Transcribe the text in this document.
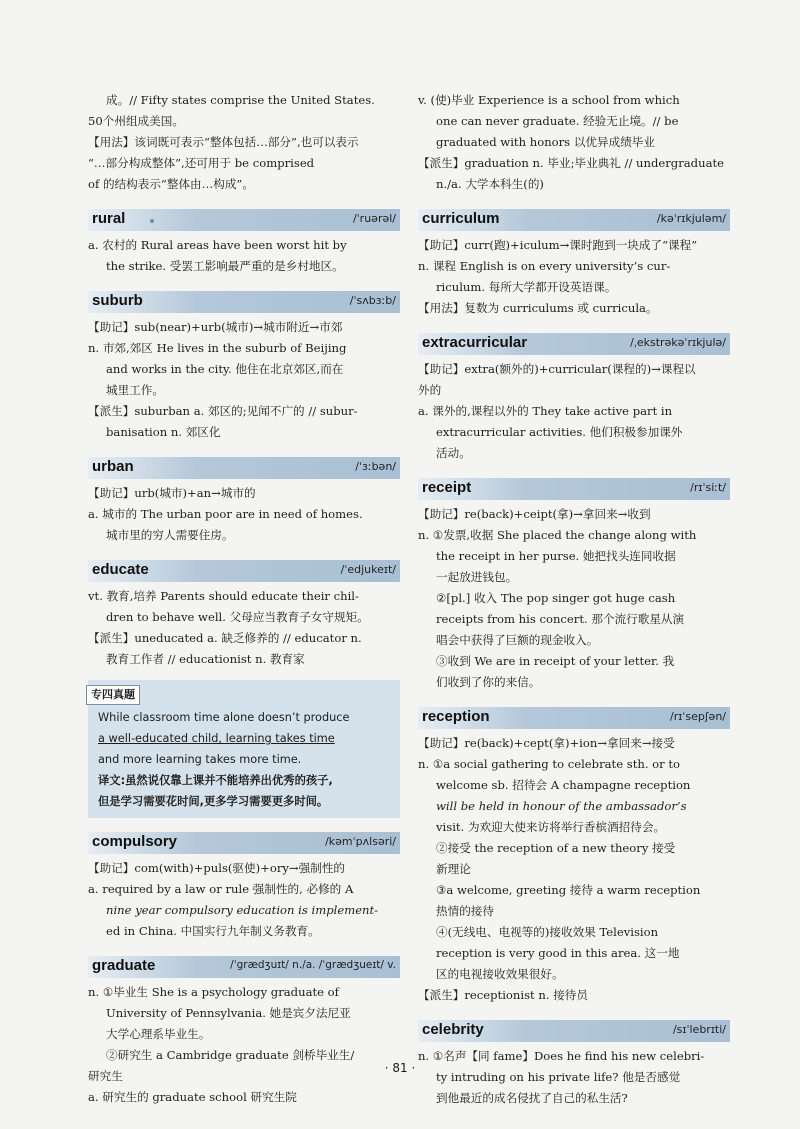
成。// Fifty states comprise the United States.
50个州组成美国。
【用法】该词既可表示“整体包括…部分”,也可以表示
“…部分构成整体”,还可用于 be comprised
of 的结构表示“整体由…构成”。
rural	/ˈruərəl/
a. 农村的 Rural areas have been worst hit by
the strike. 受罢工影响最严重的是乡村地区。
suburb	/ˈsʌbɜːb/
【助记】sub(near)+urb(城市)→城市附近→市郊
n. 市郊,郊区 He lives in the suburb of Beijing
and works in the city. 他住在北京郊区,而在
城里工作。
【派生】suburban a. 郊区的;见闻不广的 // subur-
banisation n. 郊区化
urban	/ˈɜːbən/
【助记】urb(城市)+an→城市的
a. 城市的 The urban poor are in need of homes.
城市里的穷人需要住房。
educate	/ˈedjukeɪt/
vt. 教育,培养 Parents should educate their chil-
dren to behave well. 父母应当教育子女守规矩。
【派生】uneducated a. 缺乏修养的 // educator n.
教育工作者 // educationist n. 教育家
专四真题
While classroom time alone doesn’t produce
a well-educated child, learning takes time
and more learning takes more time.
译文:虽然说仅靠上课并不能培养出优秀的孩子,
但是学习需要花时间,更多学习需要更多时间。
compulsory	/kəmˈpʌlsəri/
【助记】com(with)+puls(驱使)+ory→强制性的
a. required by a law or rule 强制性的, 必修的 A
nine year compulsory education is implement-
ed in China. 中国实行九年制义务教育。
graduate	/ˈgrædʒuɪt/ n./a. /ˈgrædʒueɪt/ v.
n. ①毕业生 She is a psychology graduate of
University of Pennsylvania. 她是宾夕法尼亚
大学心理系毕业生。
②研究生 a Cambridge graduate 剑桥毕业生/
研究生
a. 研究生的 graduate school 研究生院
v. (使)毕业 Experience is a school from which
one can never graduate. 经验无止境。// be
graduated with honors 以优异成绩毕业
【派生】graduation n. 毕业;毕业典礼 // undergraduate
n./a. 大学本科生(的)
curriculum	/kəˈrɪkjuləm/
【助记】curr(跑)+iculum→课时跑到一块成了“课程”
n. 课程 English is on every university’s cur-
riculum. 每所大学都开设英语课。
【用法】复数为 curriculums 或 curricula。
extracurricular	/ˌekstrəkəˈrɪkjulə/
【助记】extra(额外的)+curricular(课程的)→课程以
外的
a. 课外的,课程以外的 They take active part in
extracurricular activities. 他们积极参加课外
活动。
receipt	/rɪˈsiːt/
【助记】re(back)+ceipt(拿)→拿回来→收到
n. ①发票,收据 She placed the change along with
the receipt in her purse. 她把找头连同收据
一起放进钱包。
②[pl.] 收入 The pop singer got huge cash
receipts from his concert. 那个流行歌星从演
唱会中获得了巨额的现金收入。
③收到 We are in receipt of your letter. 我
们收到了你的来信。
reception	/rɪˈsepʃən/
【助记】re(back)+cept(拿)+ion→拿回来→接受
n. ①a social gathering to celebrate sth. or to
welcome sb. 招待会 A champagne reception
will be held in honour of the ambassador’s
visit. 为欢迎大使来访将举行香槟酒招待会。
②接受 the reception of a new theory 接受
新理论
③a welcome, greeting 接待 a warm reception
热情的接待
④(无线电、电视等的)接收效果 Television
reception is very good in this area. 这一地
区的电视接收效果很好。
【派生】receptionist n. 接待员
celebrity	/sɪˈlebrɪti/
n. ①名声【同 fame】Does he find his new celebri-
ty intruding on his private life? 他是否感觉
到他最近的成名侵扰了自己的私生活?
· 81 ·
